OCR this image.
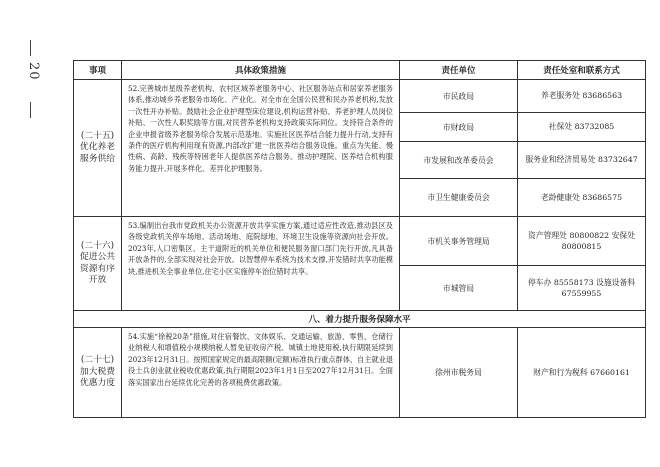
20	事项	具体政策措施	责任单位	责任处室和联系方式
(二十五)优化养老服务供给	52.完善城市星级养老机构、农村区域养老服务中心、社区服务站点和居家养老服务体系,推动城乡养老服务市场化、产业化。对全市在全国公民营和民办养老机构,发放一次性开办补贴。鼓励社会企业护理型床位建设,机构运营补贴、养老护理人员岗位补贴、一次性人职奖励等方面,对民营养老机构支持政策实际同位。支持符合条件的企业申报省级养老服务综合发展示范基地。实施社区医养结合能力提升行动,支持有条件的医疗机构利用现有资源,内部改扩建一批医养结合服务设施。重点为失能、慢性病、高龄、残疾等特困老年人提供医养结合服务。推动护理院、医养结合机构服务能力提升,开展多样化、差异化护理服务。	市民政局	养老服务处 83686563
		市财政局	社保处 83732085
		市发展和改革委员会	服务业和经济贸易处 83732647
		市卫生健康委员会	老龄健康处 83686575
(二十六)促进公共资源有序开放	53.编制出台我市党政机关办公资源开放共享实施方案,通过适应性改造,推动县区及各级党政机关停车场地、活动场地、庭院绿地、环境卫生设施等资源向社会开放。2023年,人口密集区、主干道附近的机关单位和便民服务窗口部门先行开放,凡具备开放条件的,全部实现对社会开放。以智慧停车系统为技术支撑,开发错时共享功能模块,推进机关全事业单位,住宅小区实施停车治位错时共享。	市机关事务管理局	资产管理处 80800822 安保处 80800815
		市城管局	停车办 85558173 设施设备科 67559955
八、着力提升服务保障水平			
(二十七)加大税费优惠力度	54.实施“徐税20条”措施,对住宿餐饮、文体娱乐、交通运输、旅游、零售、仓储行业纳税人和增值税小规模纳税人暂免征收房产税、城镇土地使用税,执行期限延续到2023年12月31日。按照国家规定的最高限额(定额)标准执行重点群体、自主就业退役士兵创业就业税收优惠政策,执行期限2023年1月1日至2027年12月31日。全面落实国家出台延续优化完善的各项税费优惠政策。	徐州市税务局	财产和行为税科 67660161
